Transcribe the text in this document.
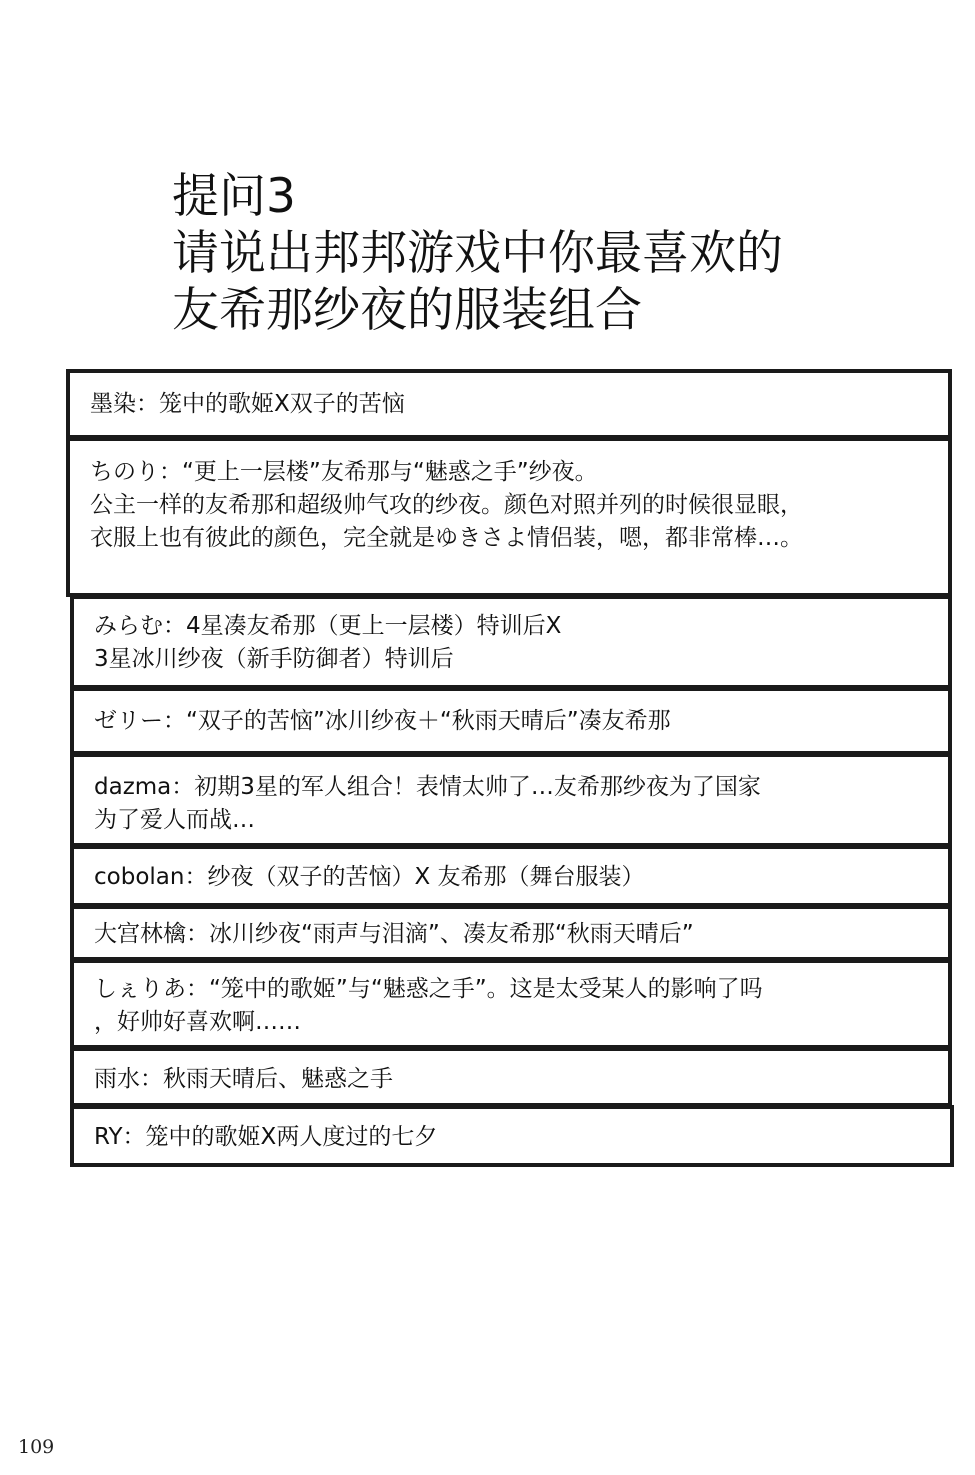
提问3
请说出邦邦游戏中你最喜欢的
友希那纱夜的服装组合
墨染：笼中的歌姬X双子的苦恼
ちのり：“更上一层楼”友希那与“魅惑之手”纱夜。
公主一样的友希那和超级帅气攻的纱夜。颜色对照并列的时候很显眼，
衣服上也有彼此的颜色，完全就是ゆきさよ情侣装，嗯，都非常棒…。
みらむ：4星凑友希那（更上一层楼）特训后X
3星冰川纱夜（新手防御者）特训后
ゼリー：“双子的苦恼”冰川纱夜＋“秋雨天晴后”凑友希那
dazma：初期3星的军人组合！表情太帅了…友希那纱夜为了国家
为了爱人而战…
cobolan：纱夜（双子的苦恼）X 友希那（舞台服装）
大宫林檎：冰川纱夜“雨声与泪滴”、凑友希那“秋雨天晴后”
しぇりあ：“笼中的歌姬”与“魅惑之手”。这是太受某人的影响了吗
，好帅好喜欢啊……
雨水：秋雨天晴后、魅惑之手
RY：笼中的歌姬X两人度过的七夕
109
